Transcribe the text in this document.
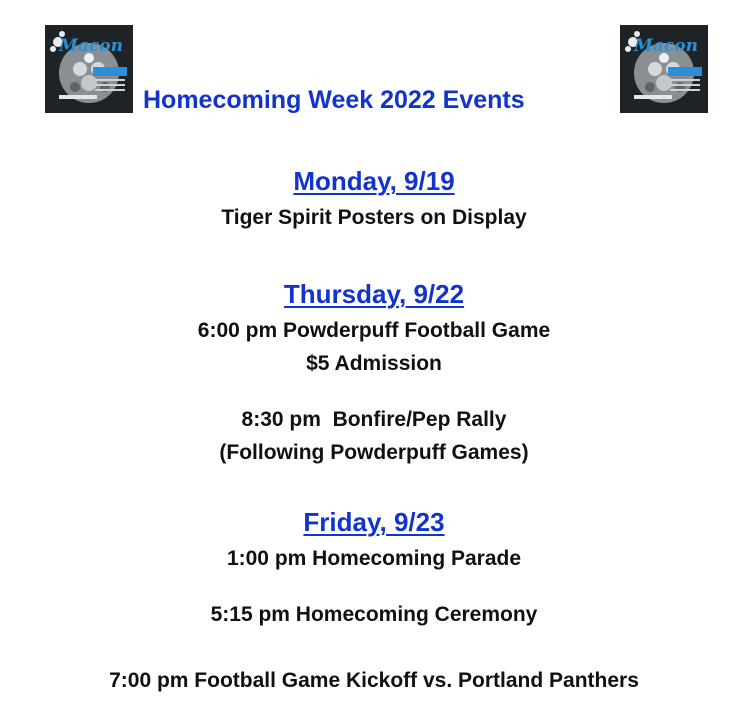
Macon
Homecoming Week 2022 Events
Macon
Monday, 9/19
Tiger Spirit Posters on Display
Thursday, 9/22
6:00 pm Powderpuff Football Game
$5 Admission
8:30 pm  Bonfire/Pep Rally
(Following Powderpuff Games)
Friday, 9/23
1:00 pm Homecoming Parade
5:15 pm Homecoming Ceremony
7:00 pm Football Game Kickoff vs. Portland Panthers
